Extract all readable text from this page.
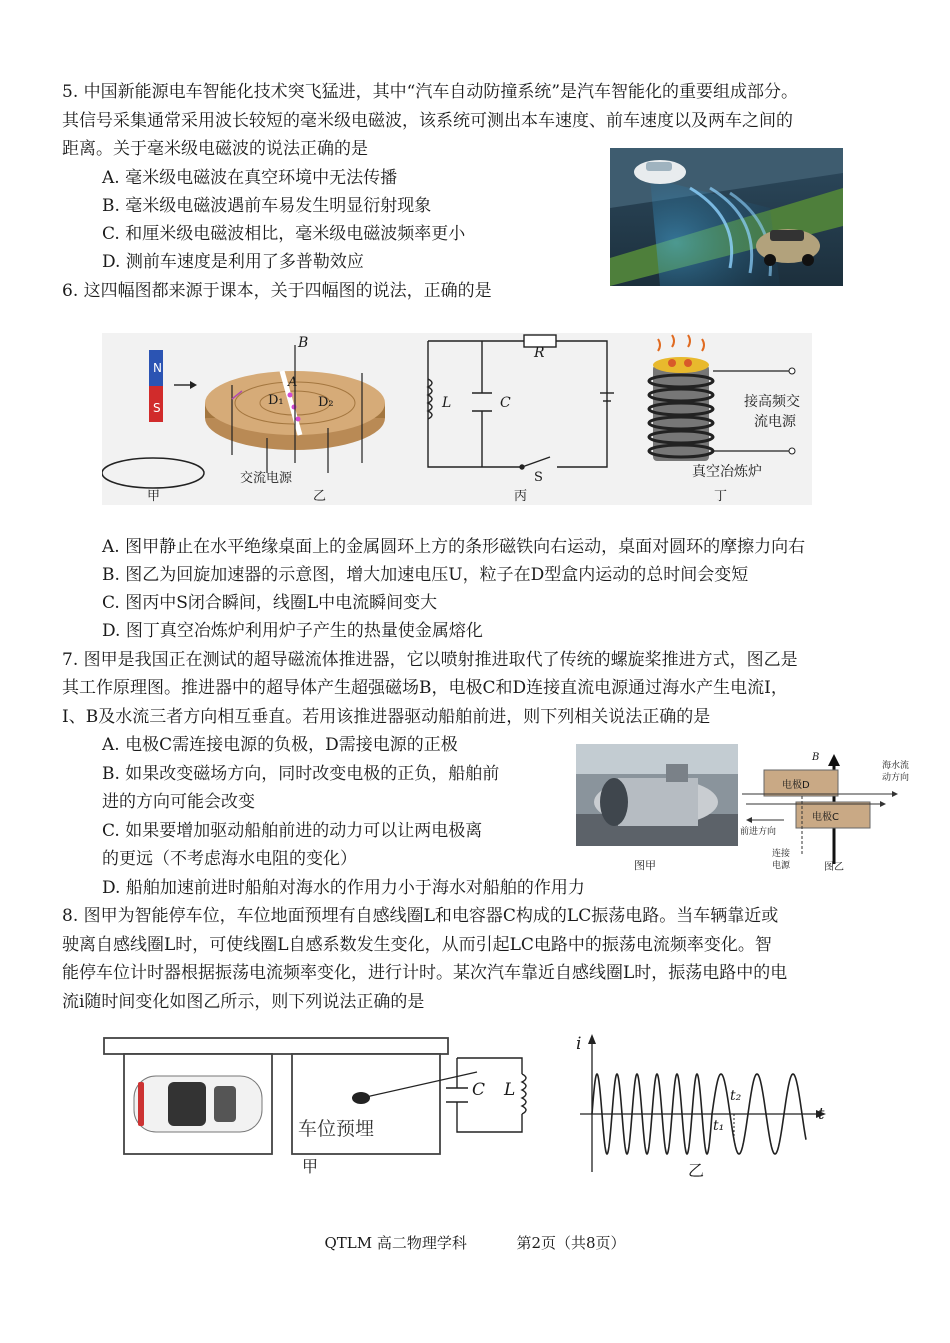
5. 中国新能源电车智能化技术突飞猛进，其中“汽车自动防撞系统”是汽车智能化的重要组成部分。
其信号采集通常采用波长较短的毫米级电磁波，该系统可测出本车速度、前车速度以及两车之间的
距离。关于毫米级电磁波的说法正确的是
A. 毫米级电磁波在真空环境中无法传播
B. 毫米级电磁波遇前车易发生明显衍射现象
C. 和厘米级电磁波相比，毫米级电磁波频率更小
D. 测前车速度是利用了多普勒效应
6. 这四幅图都来源于课本，关于四幅图的说法，正确的是
N
S
B
A
D₁	D₂
交流电源
L	C
R
S
接高频交
流电源
真空冶炼炉
甲	乙	丙	丁
A. 图甲静止在水平绝缘桌面上的金属圆环上方的条形磁铁向右运动，桌面对圆环的摩擦力向右
B. 图乙为回旋加速器的示意图，增大加速电压U，粒子在D型盒内运动的总时间会变短
C. 图丙中S闭合瞬间，线圈L中电流瞬间变大
D. 图丁真空冶炼炉利用炉子产生的热量使金属熔化
7. 图甲是我国正在测试的超导磁流体推进器，它以喷射推进取代了传统的螺旋桨推进方式，图乙是
其工作原理图。推进器中的超导体产生超强磁场B，电极C和D连接直流电源通过海水产生电流I，
I、B及水流三者方向相互垂直。若用该推进器驱动船舶前进，则下列相关说法正确的是
A. 电极C需连接电源的负极，D需接电源的正极
B. 如果改变磁场方向，同时改变电极的正负，船舶前
进的方向可能会改变
C. 如果要增加驱动船舶前进的动力可以让两电极离
的更远（不考虑海水电阻的变化）
D. 船舶加速前进时船舶对海水的作用力小于海水对船舶的作用力
图甲
B
电极D
电极C
海水流
动方向
前进方向
连接
电源	图乙
8. 图甲为智能停车位，车位地面预埋有自感线圈L和电容器C构成的LC振荡电路。当车辆靠近或
驶离自感线圈L时，可使线圈L自感系数发生变化，从而引起LC电路中的振荡电流频率变化。智
能停车位计时器根据振荡电流频率变化，进行计时。某次汽车靠近自感线圈L时，振荡电路中的电
流i随时间变化如图乙所示，则下列说法正确的是
车位预埋
C L
甲
i
t
t₁
t₂
乙
QTLM 高二物理学科	第2页（共8页）
